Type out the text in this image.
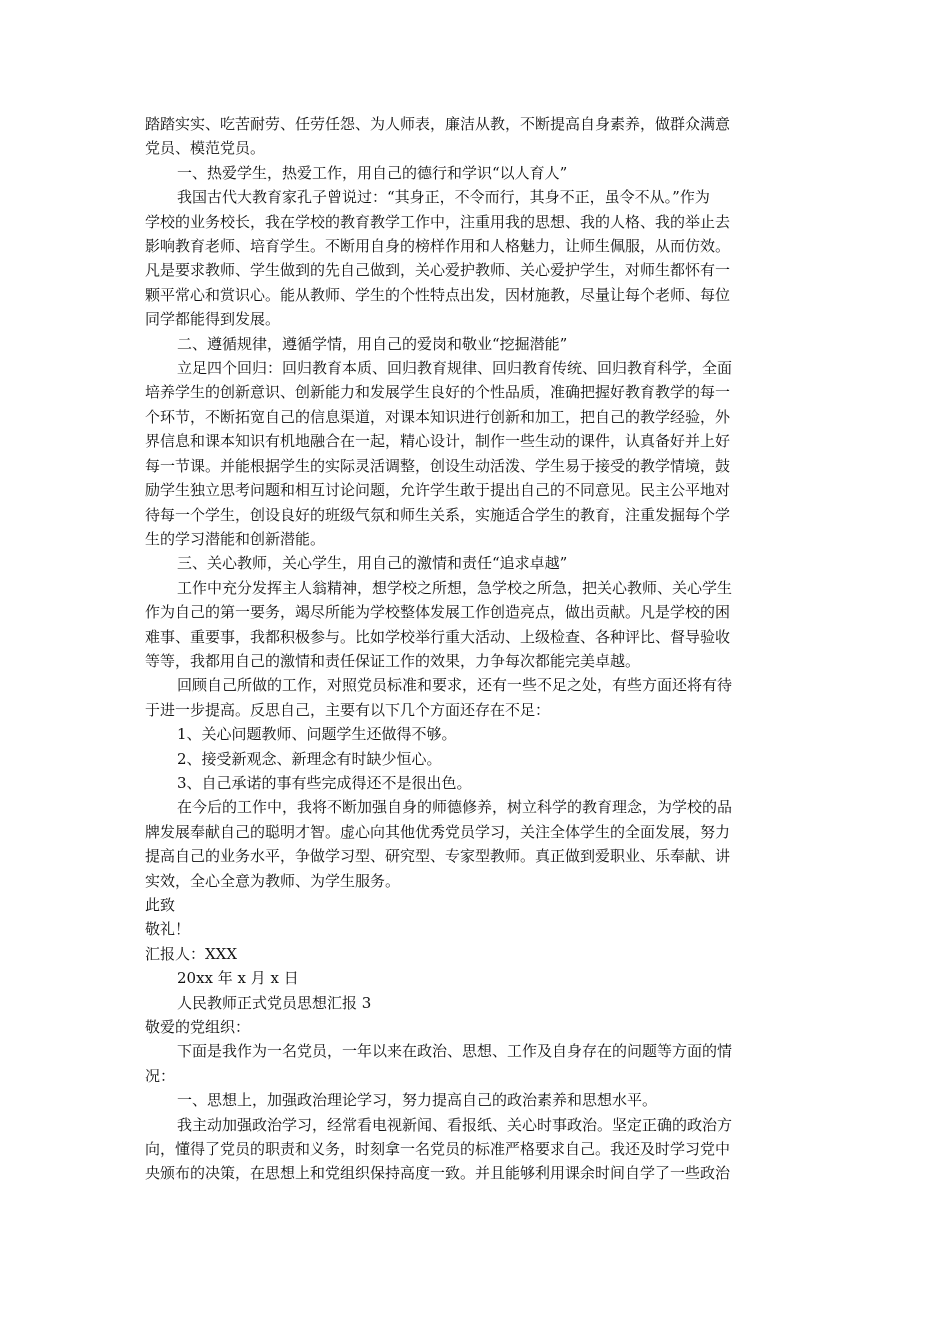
踏踏实实、吃苦耐劳、任劳任怨、为人师表，廉洁从教，不断提高自身素养，做群众满意

党员、模范党员。

一、热爱学生，热爱工作，用自己的德行和学识“以人育人”

我国古代大教育家孔子曾说过：“其身正，不令而行，其身不正，虽令不从。”作为

学校的业务校长，我在学校的教育教学工作中，注重用我的思想、我的人格、我的举止去

影响教育老师、培育学生。不断用自身的榜样作用和人格魅力，让师生佩服，从而仿效。

凡是要求教师、学生做到的先自己做到，关心爱护教师、关心爱护学生，对师生都怀有一

颗平常心和赏识心。能从教师、学生的个性特点出发，因材施教，尽量让每个老师、每位

同学都能得到发展。

二、遵循规律，遵循学情，用自己的爱岗和敬业“挖掘潜能”

立足四个回归：回归教育本质、回归教育规律、回归教育传统、回归教育科学，全面

培养学生的创新意识、创新能力和发展学生良好的个性品质，准确把握好教育教学的每一

个环节，不断拓宽自己的信息渠道，对课本知识进行创新和加工，把自己的教学经验，外

界信息和课本知识有机地融合在一起，精心设计，制作一些生动的课件，认真备好并上好

每一节课。并能根据学生的实际灵活调整，创设生动活泼、学生易于接受的教学情境，鼓

励学生独立思考问题和相互讨论问题，允许学生敢于提出自己的不同意见。民主公平地对

待每一个学生，创设良好的班级气氛和师生关系，实施适合学生的教育，注重发掘每个学

生的学习潜能和创新潜能。

三、关心教师，关心学生，用自己的激情和责任“追求卓越”

工作中充分发挥主人翁精神，想学校之所想，急学校之所急，把关心教师、关心学生

作为自己的第一要务，竭尽所能为学校整体发展工作创造亮点，做出贡献。凡是学校的困

难事、重要事，我都积极参与。比如学校举行重大活动、上级检查、各种评比、督导验收

等等，我都用自己的激情和责任保证工作的效果，力争每次都能完美卓越。

回顾自己所做的工作，对照党员标准和要求，还有一些不足之处，有些方面还将有待

于进一步提高。反思自己，主要有以下几个方面还存在不足：

1、关心问题教师、问题学生还做得不够。

2、接受新观念、新理念有时缺少恒心。

3、自己承诺的事有些完成得还不是很出色。

在今后的工作中，我将不断加强自身的师德修养，树立科学的教育理念，为学校的品

牌发展奉献自己的聪明才智。虚心向其他优秀党员学习，关注全体学生的全面发展，努力

提高自己的业务水平，争做学习型、研究型、专家型教师。真正做到爱职业、乐奉献、讲

实效，全心全意为教师、为学生服务。

此致

敬礼！

汇报人：XXX

20xx 年 x 月 x 日

人民教师正式党员思想汇报 3

敬爱的党组织：

下面是我作为一名党员，一年以来在政治、思想、工作及自身存在的问题等方面的情

况：

一、思想上，加强政治理论学习，努力提高自己的政治素养和思想水平。

我主动加强政治学习，经常看电视新闻、看报纸、关心时事政治。坚定正确的政治方

向，懂得了党员的职责和义务，时刻拿一名党员的标准严格要求自己。我还及时学习党中

央颁布的决策，在思想上和党组织保持高度一致。并且能够利用课余时间自学了一些政治
